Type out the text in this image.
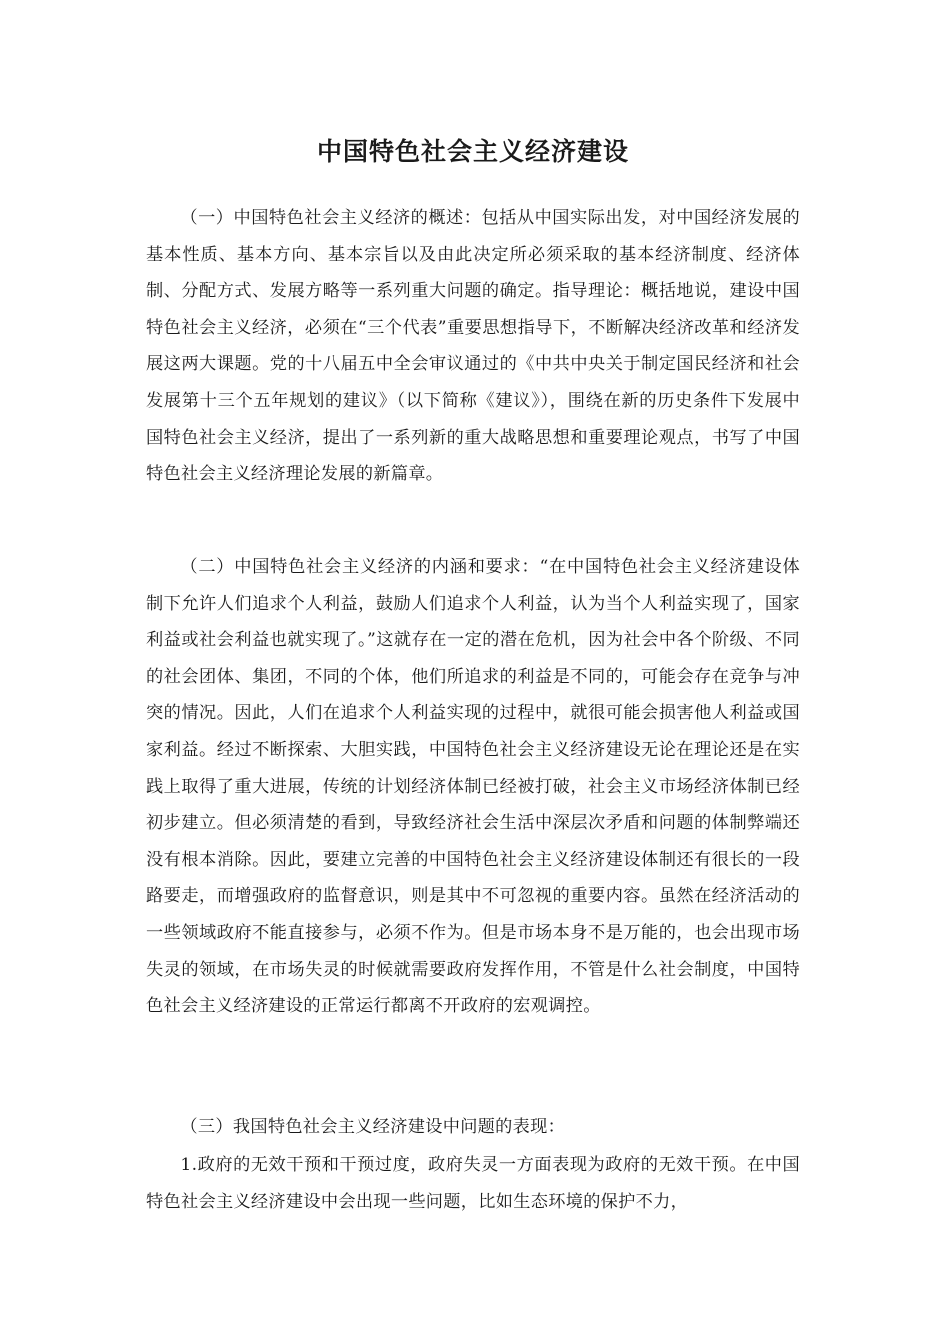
中国特色社会主义经济建设

（一）中国特色社会主义经济的概述：包括从中国实际出发，对中国经济发展的基本性质、基本方向、基本宗旨以及由此决定所必须采取的基本经济制度、经济体制、分配方式、发展方略等一系列重大问题的确定。指导理论：概括地说，建设中国特色社会主义经济，必须在“三个代表”重要思想指导下，不断解决经济改革和经济发展这两大课题。党的十八届五中全会审议通过的《中共中央关于制定国民经济和社会发展第十三个五年规划的建议》（以下简称《建议》），围绕在新的历史条件下发展中国特色社会主义经济，提出了一系列新的重大战略思想和重要理论观点，书写了中国特色社会主义经济理论发展的新篇章。

（二）中国特色社会主义经济的内涵和要求：“在中国特色社会主义经济建设体制下允许人们追求个人利益，鼓励人们追求个人利益，认为当个人利益实现了，国家利益或社会利益也就实现了。”这就存在一定的潜在危机，因为社会中各个阶级、不同的社会团体、集团，不同的个体，他们所追求的利益是不同的，可能会存在竞争与冲突的情况。因此，人们在追求个人利益实现的过程中，就很可能会损害他人利益或国家利益。经过不断探索、大胆实践，中国特色社会主义经济建设无论在理论还是在实践上取得了重大进展，传统的计划经济体制已经被打破，社会主义市场经济体制已经初步建立。但必须清楚的看到，导致经济社会生活中深层次矛盾和问题的体制弊端还没有根本消除。因此，要建立完善的中国特色社会主义经济建设体制还有很长的一段路要走，而增强政府的监督意识，则是其中不可忽视的重要内容。虽然在经济活动的一些领域政府不能直接参与，必须不作为。但是市场本身不是万能的，也会出现市场失灵的领域，在市场失灵的时候就需要政府发挥作用，不管是什么社会制度，中国特色社会主义经济建设的正常运行都离不开政府的宏观调控。

（三）我国特色社会主义经济建设中问题的表现：

1.政府的无效干预和干预过度，政府失灵一方面表现为政府的无效干预。在中国特色社会主义经济建设中会出现一些问题，比如生态环境的保护不力，
